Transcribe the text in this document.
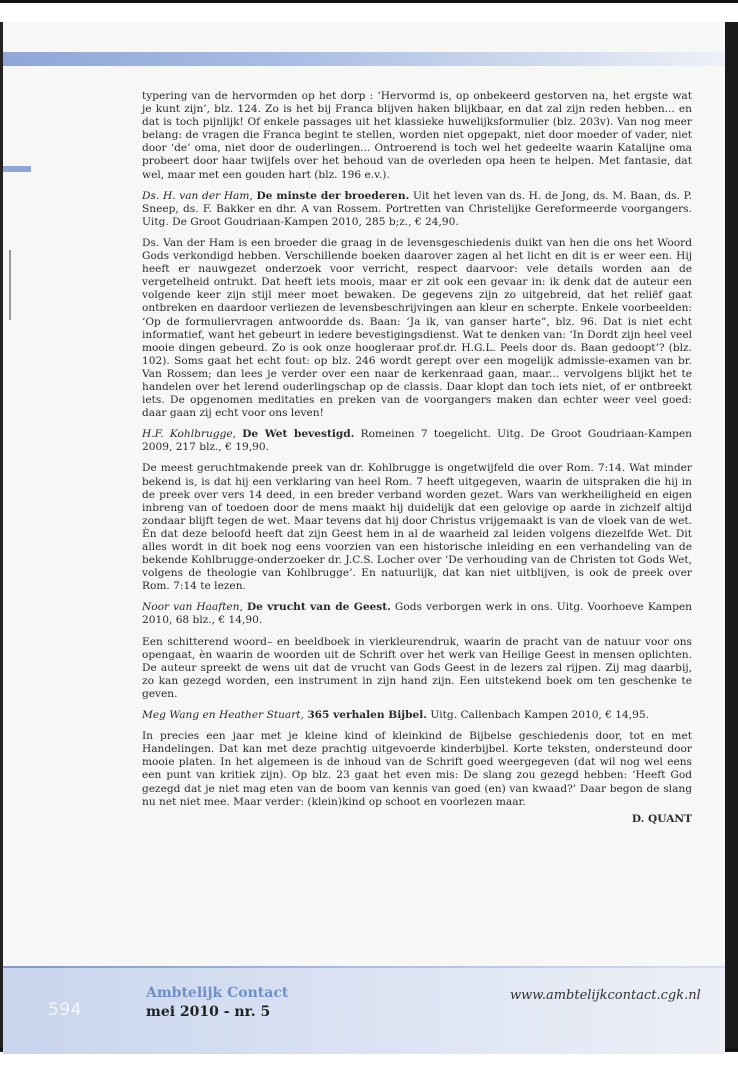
typering van de hervormden op het dorp : ‘Hervormd is, op onbekeerd gestorven na, het ergste wat je kunt zijn’, blz. 124. Zo is het bij Franca blijven haken blijkbaar, en dat zal zijn reden hebben... en dat is toch pijnlijk! Of enkele passages uit het klassieke huwelijksformulier (blz. 203v). Van nog meer belang: de vragen die Franca begint te stellen, worden niet opgepakt, niet door moeder of vader, niet door ‘de’ oma, niet door de ouderlingen... Ontroerend is toch wel het gedeelte waarin Katalijne oma probeert door haar twijfels over het behoud van de overleden opa heen te helpen. Met fantasie, dat wel, maar met een gouden hart (blz. 196 e.v.).

Ds. H. van der Ham, De minste der broederen. Uit het leven van ds. H. de Jong, ds. M. Baan, ds. P. Sneep, ds. F. Bakker en dhr. A van Rossem. Portretten van Christelijke Gereformeerde voorgangers. Uitg. De Groot Goudriaan-Kampen 2010, 285 b;z., € 24,90.

Ds. Van der Ham is een broeder die graag in de levensgeschiedenis duikt van hen die ons het Woord Gods verkondigd hebben. Verschillende boeken daarover zagen al het licht en dit is er weer een. Hij heeft er nauwgezet onderzoek voor verricht, respect daarvoor: vele details worden aan de vergetelheid ontrukt. Dat heeft iets moois, maar er zit ook een gevaar in: ik denk dat de auteur een volgende keer zijn stijl meer moet bewaken. De gegevens zijn zo uitgebreid, dat het reliëf gaat ontbreken en daardoor verliezen de levensbeschrijvingen aan kleur en scherpte. Enkele voorbeelden: ‘Op de formuliervragen antwoordde ds. Baan: ‘Ja ik, van ganser harte”, blz. 96. Dat is niet echt informatief, want het gebeurt in iedere bevestigingsdienst. Wat te denken van: ‘In Dordt zijn heel veel mooie dingen gebeurd. Zo is ook onze hoogleraar prof.dr. H.G.L. Peels door ds. Baan gedoopt’? (blz. 102). Soms gaat het echt fout: op blz. 246 wordt gerept over een mogelijk admissie-examen van br. Van Rossem; dan lees je verder over een naar de kerkenraad gaan, maar... vervolgens blijkt het te handelen over het lerend ouderlingschap op de classis. Daar klopt dan toch iets niet, of er ontbreekt iets. De opgenomen meditaties en preken van de voorgangers maken dan echter weer veel goed: daar gaan zij echt voor ons leven!

H.F. Kohlbrugge, De Wet bevestigd. Romeinen 7 toegelicht. Uitg. De Groot Goudriaan-Kampen 2009, 217 blz., € 19,90.

De meest geruchtmakende preek van dr. Kohlbrugge is ongetwijfeld die over Rom. 7:14. Wat minder bekend is, is dat hij een verklaring van heel Rom. 7 heeft uitgegeven, waarin de uitspraken die hij in de preek over vers 14 deed, in een breder verband worden gezet. Wars van werkheiligheid en eigen inbreng van of toedoen door de mens maakt hij duidelijk dat een gelovige op aarde in zichzelf altijd zondaar blijft tegen de wet. Maar tevens dat hij door Christus vrijgemaakt is van de vloek van de wet. Èn dat deze beloofd heeft dat zijn Geest hem in al de waarheid zal leiden volgens diezelfde Wet. Dit alles wordt in dit boek nog eens voorzien van een historische inleiding en een verhandeling van de bekende Kohlbrugge-onderzoeker dr. J.C.S. Locher over ‘De verhouding van de Christen tot Gods Wet, volgens de theologie van Kohlbrugge’. En natuurlijk, dat kan niet uitblijven, is ook de preek over Rom. 7:14 te lezen.

Noor van Haaften, De vrucht van de Geest. Gods verborgen werk in ons. Uitg. Voorhoeve Kampen 2010, 68 blz., € 14,90.

Een schitterend woord– en beeldboek in vierkleurendruk, waarin de pracht van de natuur voor ons opengaat, èn waarin de woorden uit de Schrift over het werk van Heilige Geest in mensen oplichten. De auteur spreekt de wens uit dat de vrucht van Gods Geest in de lezers zal rijpen. Zij mag daarbij, zo kan gezegd worden, een instrument in zijn hand zijn. Een uitstekend boek om ten geschenke te geven.

Meg Wang en Heather Stuart, 365 verhalen Bijbel. Uitg. Callenbach Kampen 2010, € 14,95.

In precies een jaar met je kleine kind of kleinkind de Bijbelse geschiedenis door, tot en met Handelingen. Dat kan met deze prachtig uitgevoerde kinderbijbel. Korte teksten, ondersteund door mooie platen. In het algemeen is de inhoud van de Schrift goed weergegeven (dat wil nog wel eens een punt van kritiek zijn). Op blz. 23 gaat het even mis: De slang zou gezegd hebben: ‘Heeft God gezegd dat je niet mag eten van de boom van kennis van goed (en) van kwaad?’ Daar begon de slang nu net niet mee. Maar verder: (klein)kind op schoot en voorlezen maar.

D. QUANT

594
Ambtelijk Contact
mei 2010 - nr. 5
www.ambtelijkcontact.cgk.nl
